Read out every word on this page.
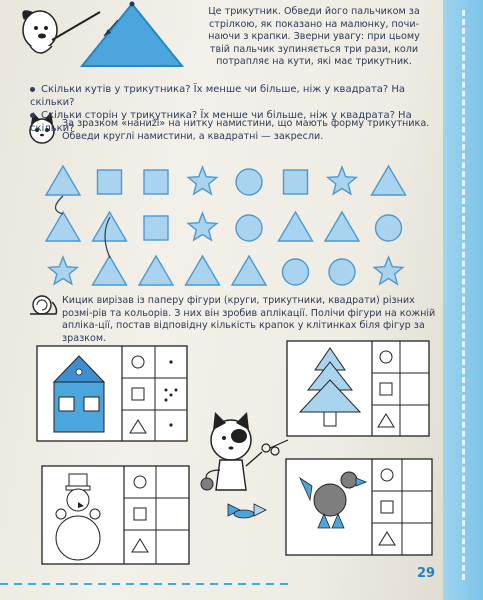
Це трикутник. Обведи його пальчиком за стрілкою, як показано на малюнку, почи-наючи з крапки. Зверни увагу: при цьому твій пальчик зупиняється три рази, коли потрапляє на кути, які має трикутник.
Скільки кутів у трикутника? Їх менше чи більше, ніж у квадрата? На скільки?
Скільки сторін у трикутника? Їх менше чи більше, ніж у квадрата? На скільки?
За зразком «наниži» на нитку намистини, що мають форму трикутника. Обведи круглі намистини, а квадратні — закресли.
Кицик вирізав із паперу фігури (круги, трикутники, квадрати) різних розмі-рів та кольорів. З них він зробив аплікації. Полічи фігури на кожній апліка-ції, постав відповідну кількість крапок у клітинках біля фігур за зразком.
29
